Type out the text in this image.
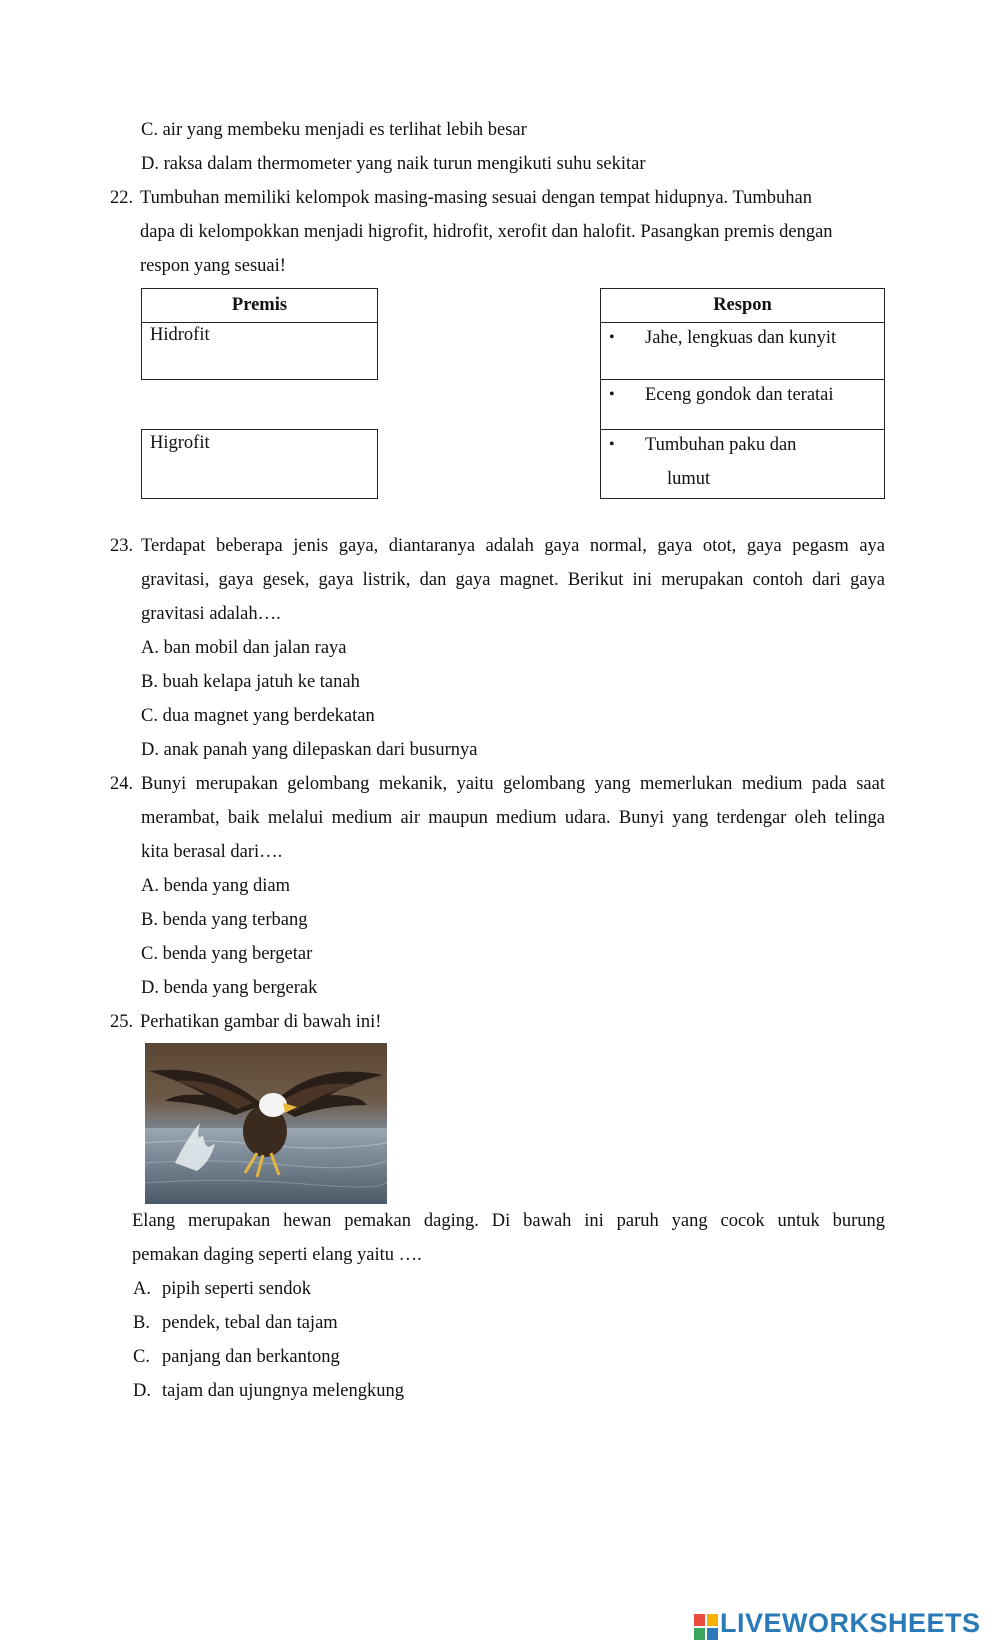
C. air yang membeku menjadi es terlihat lebih besar
D. raksa dalam thermometer yang naik turun mengikuti suhu sekitar
22. Tumbuhan memiliki kelompok masing-masing sesuai dengan tempat hidupnya. Tumbuhan
dapa di kelompokkan menjadi higrofit, hidrofit, xerofit dan halofit. Pasangkan premis dengan
respon yang sesuai!
Premis
Hidrofit
Higrofit
Respon
• Jahe, lengkuas dan kunyit
• Eceng gondok dan teratai
• Tumbuhan paku dan
lumut
23. Terdapat beberapa jenis gaya, diantaranya adalah gaya normal, gaya otot, gaya pegasm aya
gravitasi, gaya gesek, gaya listrik, dan gaya magnet. Berikut ini merupakan contoh dari gaya
gravitasi adalah….
A. ban mobil dan jalan raya
B. buah kelapa jatuh ke tanah
C. dua magnet yang berdekatan
D. anak panah yang dilepaskan dari busurnya
24. Bunyi merupakan gelombang mekanik, yaitu gelombang yang memerlukan medium pada saat
merambat, baik melalui medium air maupun medium udara. Bunyi yang terdengar oleh telinga
kita berasal dari….
A. benda yang diam
B. benda yang terbang
C. benda yang bergetar
D. benda yang bergerak
25. Perhatikan gambar di bawah ini!
Elang merupakan hewan pemakan daging. Di bawah ini paruh yang cocok untuk burung
pemakan daging seperti elang yaitu ….
A. pipih seperti sendok
B. pendek, tebal dan tajam
C. panjang dan berkantong
D. tajam dan ujungnya melengkung
LIVEWORKSHEETS
